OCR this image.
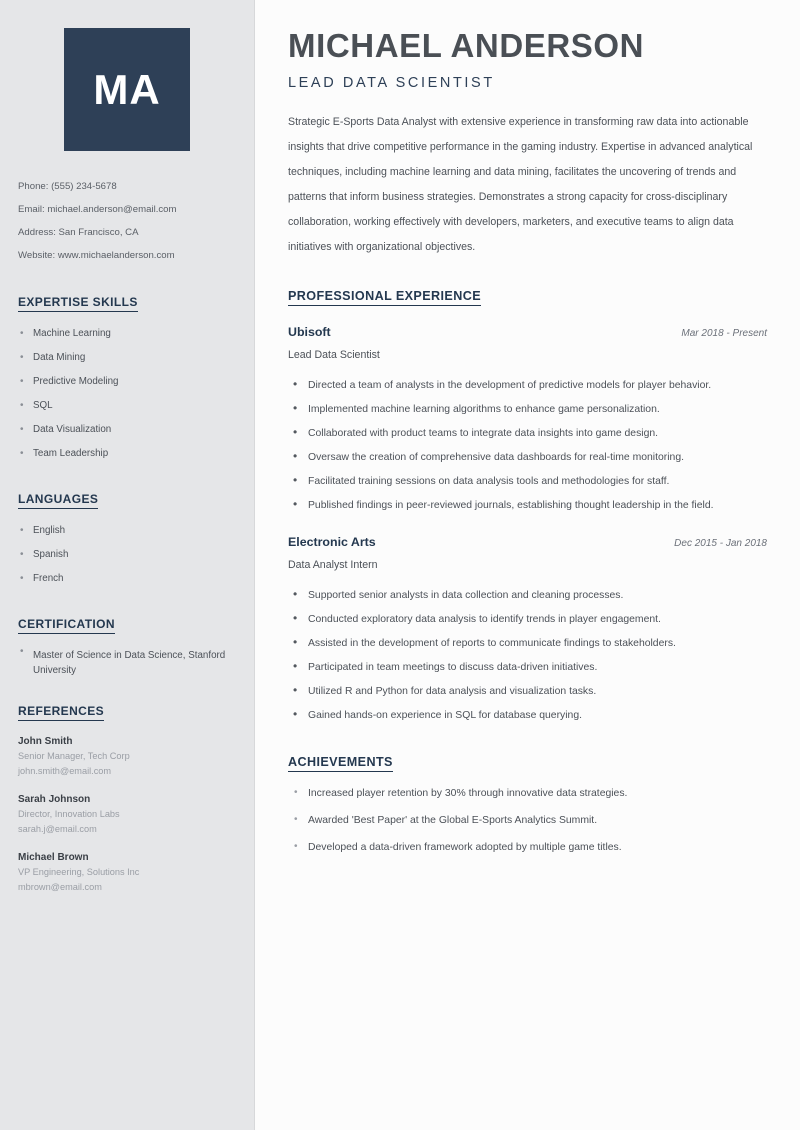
MA
Phone: (555) 234-5678
Email: michael.anderson@email.com
Address: San Francisco, CA
Website: www.michaelanderson.com
EXPERTISE SKILLS
• Machine Learning
• Data Mining
• Predictive Modeling
• SQL
• Data Visualization
• Team Leadership
LANGUAGES
• English
• Spanish
• French
CERTIFICATION
• Master of Science in Data Science, Stanford University
REFERENCES
John Smith
Senior Manager, Tech Corp
john.smith@email.com
Sarah Johnson
Director, Innovation Labs
sarah.j@email.com
Michael Brown
VP Engineering, Solutions Inc
mbrown@email.com
MICHAEL ANDERSON
LEAD DATA SCIENTIST

Strategic E-Sports Data Analyst with extensive experience in transforming raw data into actionable insights that drive competitive performance in the gaming industry. Expertise in advanced analytical techniques, including machine learning and data mining, facilitates the uncovering of trends and patterns that inform business strategies. Demonstrates a strong capacity for cross-disciplinary collaboration, working effectively with developers, marketers, and executive teams to align data initiatives with organizational objectives.

PROFESSIONAL EXPERIENCE
Ubisoft	Mar 2018 - Present
Lead Data Scientist
• Directed a team of analysts in the development of predictive models for player behavior.
• Implemented machine learning algorithms to enhance game personalization.
• Collaborated with product teams to integrate data insights into game design.
• Oversaw the creation of comprehensive data dashboards for real-time monitoring.
• Facilitated training sessions on data analysis tools and methodologies for staff.
• Published findings in peer-reviewed journals, establishing thought leadership in the field.
Electronic Arts	Dec 2015 - Jan 2018
Data Analyst Intern
• Supported senior analysts in data collection and cleaning processes.
• Conducted exploratory data analysis to identify trends in player engagement.
• Assisted in the development of reports to communicate findings to stakeholders.
• Participated in team meetings to discuss data-driven initiatives.
• Utilized R and Python for data analysis and visualization tasks.
• Gained hands-on experience in SQL for database querying.
ACHIEVEMENTS
• Increased player retention by 30% through innovative data strategies.
• Awarded 'Best Paper' at the Global E-Sports Analytics Summit.
• Developed a data-driven framework adopted by multiple game titles.
